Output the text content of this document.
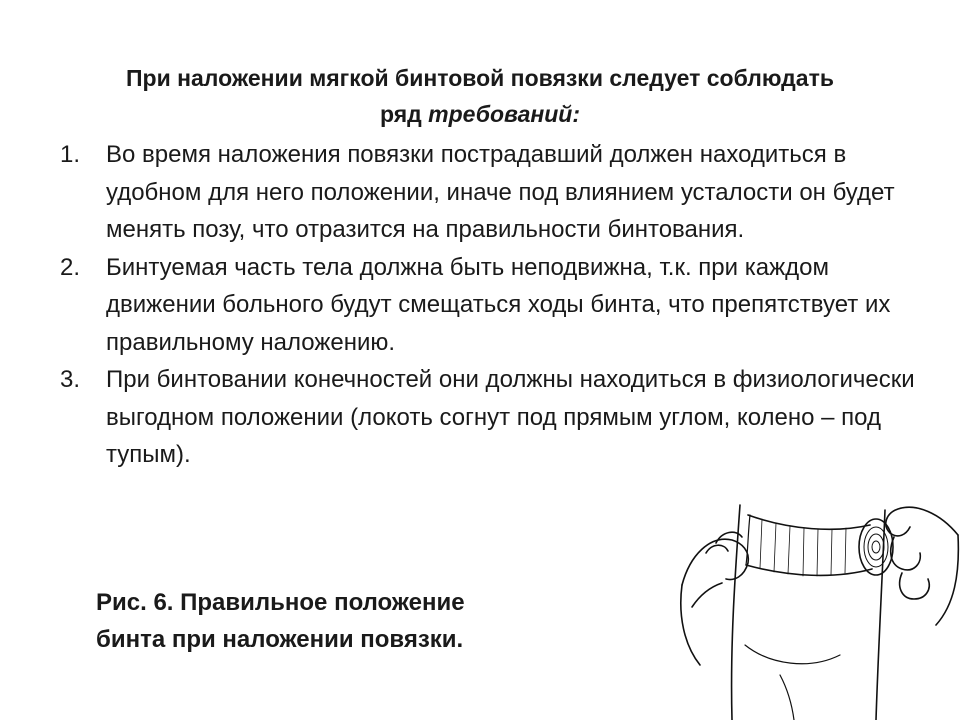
При наложении мягкой бинтовой повязки следует соблюдать
ряд требований:
1.	Во время наложения повязки пострадавший должен находиться в удобном для него положении, иначе под влиянием усталости он будет менять позу, что отразится на правильности бинтования.
2.	Бинтуемая часть тела должна быть неподвижна, т.к. при каждом движении больного будут смещаться ходы бинта, что препятствует их правильному наложению.
3.	При бинтовании конечностей они должны находиться в физиологически выгодном положении (локоть согнут под прямым углом, колено – под тупым).
Рис. 6. Правильное положение
бинта при наложении повязки.
